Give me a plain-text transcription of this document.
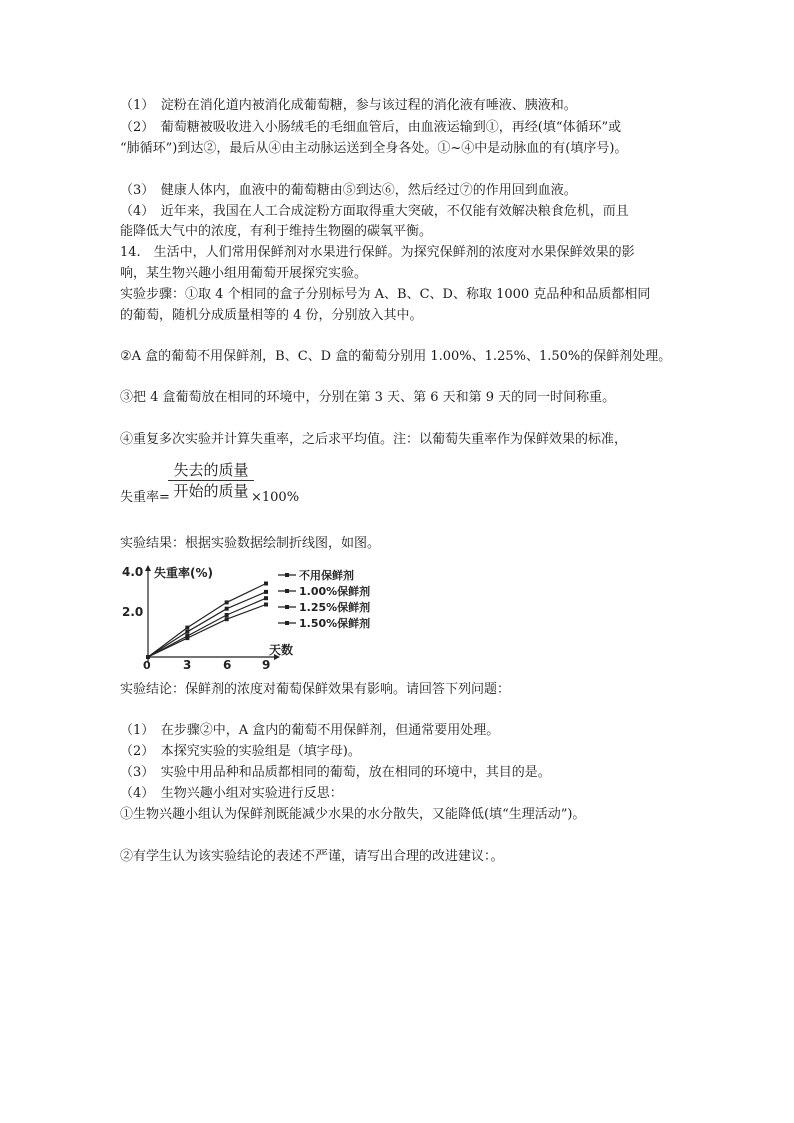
（1）　淀粉在消化道内被消化成葡萄糖，参与该过程的消化液有唾液、胰液和。
（2）　葡萄糖被吸收进入小肠绒毛的毛细血管后，由血液运输到①，再经(填“体循环”或
“肺循环”)到达②，最后从④由主动脉运送到全身各处。①~④中是动脉血的有(填序号)。
（3）　健康人体内，血液中的葡萄糖由⑤到达⑥，然后经过⑦的作用回到血液。
（4）　近年来，我国在人工合成淀粉方面取得重大突破，不仅能有效解决粮食危机，而且
能降低大气中的浓度，有利于维持生物圈的碳氧平衡。
14.　生活中，人们常用保鲜剂对水果进行保鲜。为探究保鲜剂的浓度对水果保鲜效果的影
响，某生物兴趣小组用葡萄开展探究实验。
实验步骤：①取 4 个相同的盒子分别标号为 A、B、C、D、称取 1000 克品种和品质都相同
的葡萄，随机分成质量相等的 4 份，分别放入其中。
②A 盒的葡萄不用保鲜剂，B、C、D 盒的葡萄分别用 1.00%、1.25%、1.50%的保鲜剂处理。
③把 4 盒葡萄放在相同的环境中，分别在第 3 天、第 6 天和第 9 天的同一时间称重。
④重复多次实验并计算失重率，之后求平均值。注：以葡萄失重率作为保鲜效果的标准，
失去的质量
开始的质量
失重率=	×100%
实验结果：根据实验数据绘制折线图，如图。
失重率(%)
天数
4.0
2.0
0	3	6	9
不用保鲜剂
1.00%保鲜剂
1.25%保鲜剂
1.50%保鲜剂
实验结论：保鲜剂的浓度对葡萄保鲜效果有影响。请回答下列问题：
（1）　在步骤②中，A 盒内的葡萄不用保鲜剂，但通常要用处理。
（2）　本探究实验的实验组是（填字母)。
（3）　实验中用品种和品质都相同的葡萄，放在相同的环境中，其目的是。
（4）　生物兴趣小组对实验进行反思：
①生物兴趣小组认为保鲜剂既能减少水果的水分散失，又能降低(填“生理活动”)。
②有学生认为该实验结论的表述不严谨，请写出合理的改进建议：。
